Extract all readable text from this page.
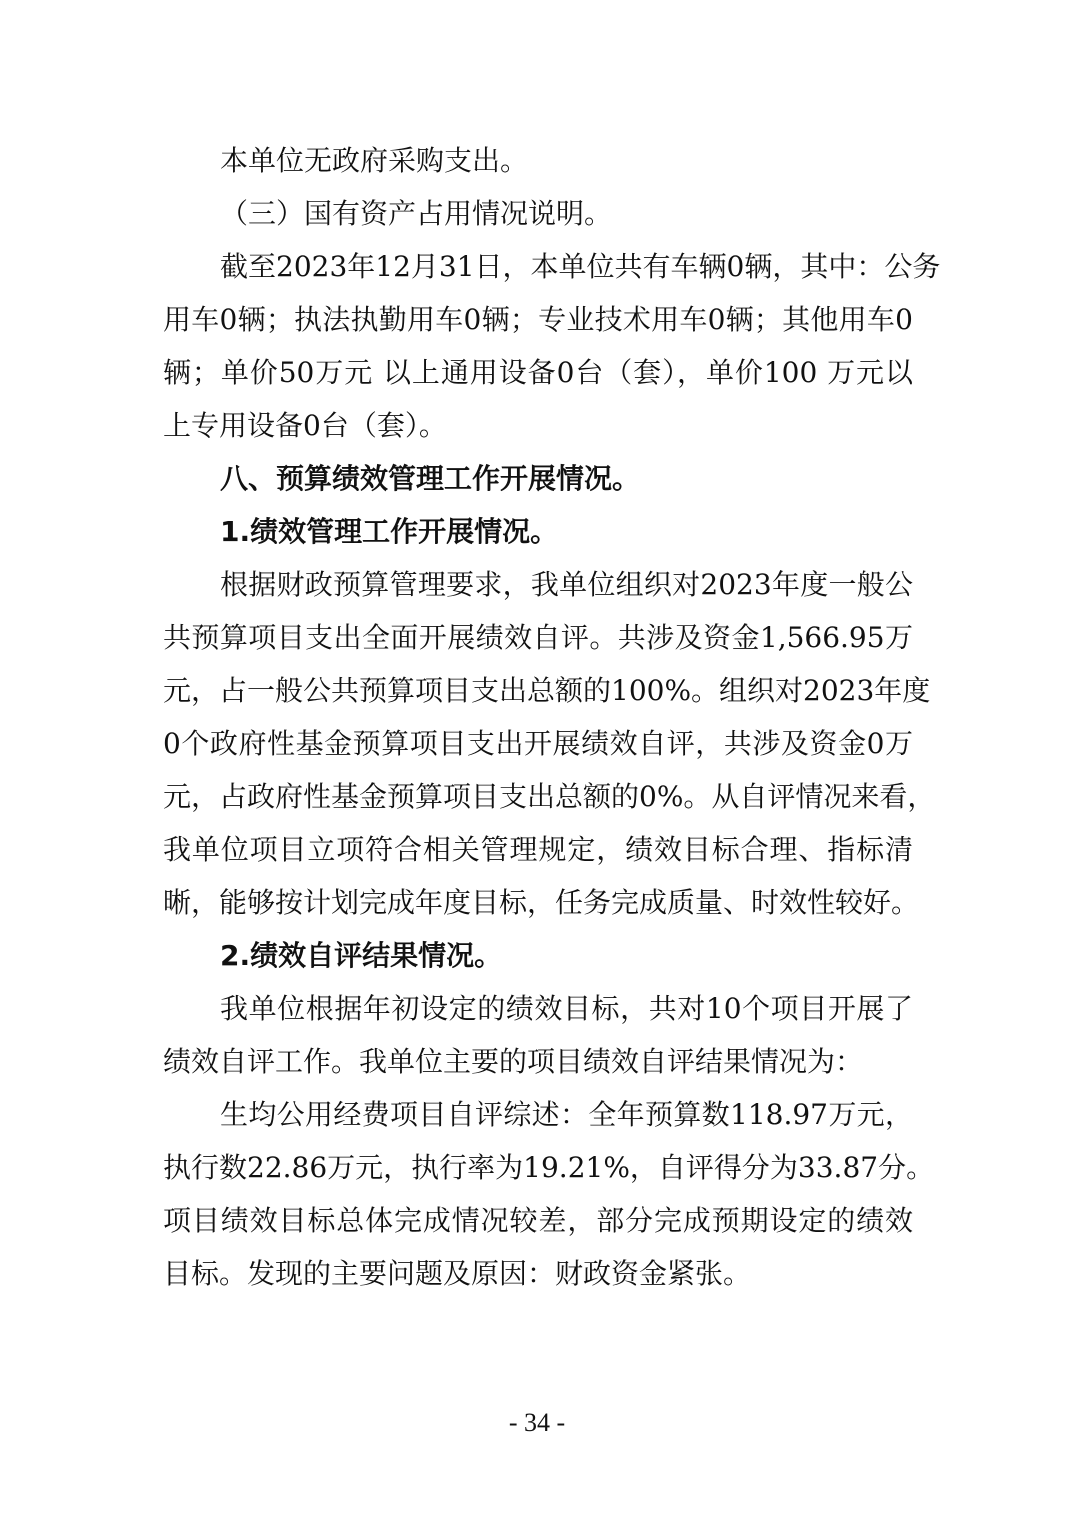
本单位无政府采购支出。
（三）国有资产占用情况说明。
截至2023年12月31日，本单位共有车辆0辆，其中：公务
用车0辆；执法执勤用车0辆；专业技术用车0辆；其他用车0
辆；单价50万元 以上通用设备0台（套），单价100 万元以
上专用设备0台（套）。
八、预算绩效管理工作开展情况。
1.绩效管理工作开展情况。
根据财政预算管理要求，我单位组织对2023年度一般公
共预算项目支出全面开展绩效自评。共涉及资金1,566.95万
元，占一般公共预算项目支出总额的100%。组织对2023年度
0个政府性基金预算项目支出开展绩效自评，共涉及资金0万
元，占政府性基金预算项目支出总额的0%。从自评情况来看，
我单位项目立项符合相关管理规定，绩效目标合理、指标清
晰，能够按计划完成年度目标，任务完成质量、时效性较好。
2.绩效自评结果情况。
我单位根据年初设定的绩效目标，共对10个项目开展了
绩效自评工作。我单位主要的项目绩效自评结果情况为：
生均公用经费项目自评综述：全年预算数118.97万元，
执行数22.86万元，执行率为19.21%，自评得分为33.87分。
项目绩效目标总体完成情况较差，部分完成预期设定的绩效
目标。发现的主要问题及原因：财政资金紧张。
- 34 -
